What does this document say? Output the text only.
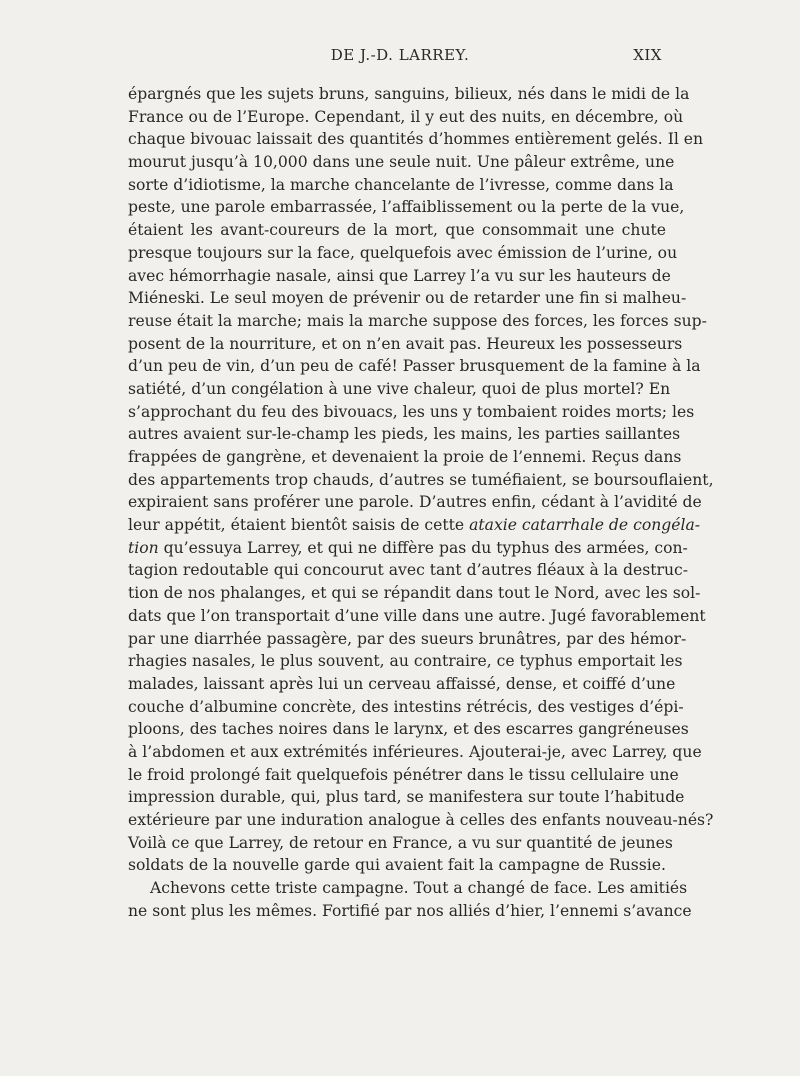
DE J.-D. LARREY.	XIX
épargnés que les sujets bruns, sanguins, bilieux, nés dans le midi de la
France ou de l’Europe. Cependant, il y eut des nuits, en décembre, où
chaque bivouac laissait des quantités d’hommes entièrement gelés. Il en
mourut jusqu’à 10,000 dans une seule nuit. Une pâleur extrême, une
sorte d’idiotisme, la marche chancelante de l’ivresse, comme dans la
peste, une parole embarrassée, l’affaiblissement ou la perte de la vue,
étaient les avant-coureurs de la mort, que consommait une chute
presque toujours sur la face, quelquefois avec émission de l’urine, ou
avec hémorrhagie nasale, ainsi que Larrey l’a vu sur les hauteurs de
Miéneski. Le seul moyen de prévenir ou de retarder une fin si malheu-
reuse était la marche; mais la marche suppose des forces, les forces sup-
posent de la nourriture, et on n’en avait pas. Heureux les possesseurs
d’un peu de vin, d’un peu de café! Passer brusquement de la famine à la
satiété, d’un congélation à une vive chaleur, quoi de plus mortel? En
s’approchant du feu des bivouacs, les uns y tombaient roides morts; les
autres avaient sur-le-champ les pieds, les mains, les parties saillantes
frappées de gangrène, et devenaient la proie de l’ennemi. Reçus dans
des appartements trop chauds, d’autres se tuméfiaient, se boursouflaient,
expiraient sans proférer une parole. D’autres enfin, cédant à l’avidité de
leur appétit, étaient bientôt saisis de cette ataxie catarrhale de congéla-
tion qu’essuya Larrey, et qui ne diffère pas du typhus des armées, con-
tagion redoutable qui concourut avec tant d’autres fléaux à la destruc-
tion de nos phalanges, et qui se répandit dans tout le Nord, avec les sol-
dats que l’on transportait d’une ville dans une autre. Jugé favorablement
par une diarrhée passagère, par des sueurs brunâtres, par des hémor-
rhagies nasales, le plus souvent, au contraire, ce typhus emportait les
malades, laissant après lui un cerveau affaissé, dense, et coiffé d’une
couche d’albumine concrète, des intestins rétrécis, des vestiges d’épi-
ploons, des taches noires dans le larynx, et des escarres gangréneuses
à l’abdomen et aux extrémités inférieures. Ajouterai-je, avec Larrey, que
le froid prolongé fait quelquefois pénétrer dans le tissu cellulaire une
impression durable, qui, plus tard, se manifestera sur toute l’habitude
extérieure par une induration analogue à celles des enfants nouveau-nés?
Voilà ce que Larrey, de retour en France, a vu sur quantité de jeunes
soldats de la nouvelle garde qui avaient fait la campagne de Russie.
Achevons cette triste campagne. Tout a changé de face. Les amitiés
ne sont plus les mêmes. Fortifié par nos alliés d’hier, l’ennemi s’avance
